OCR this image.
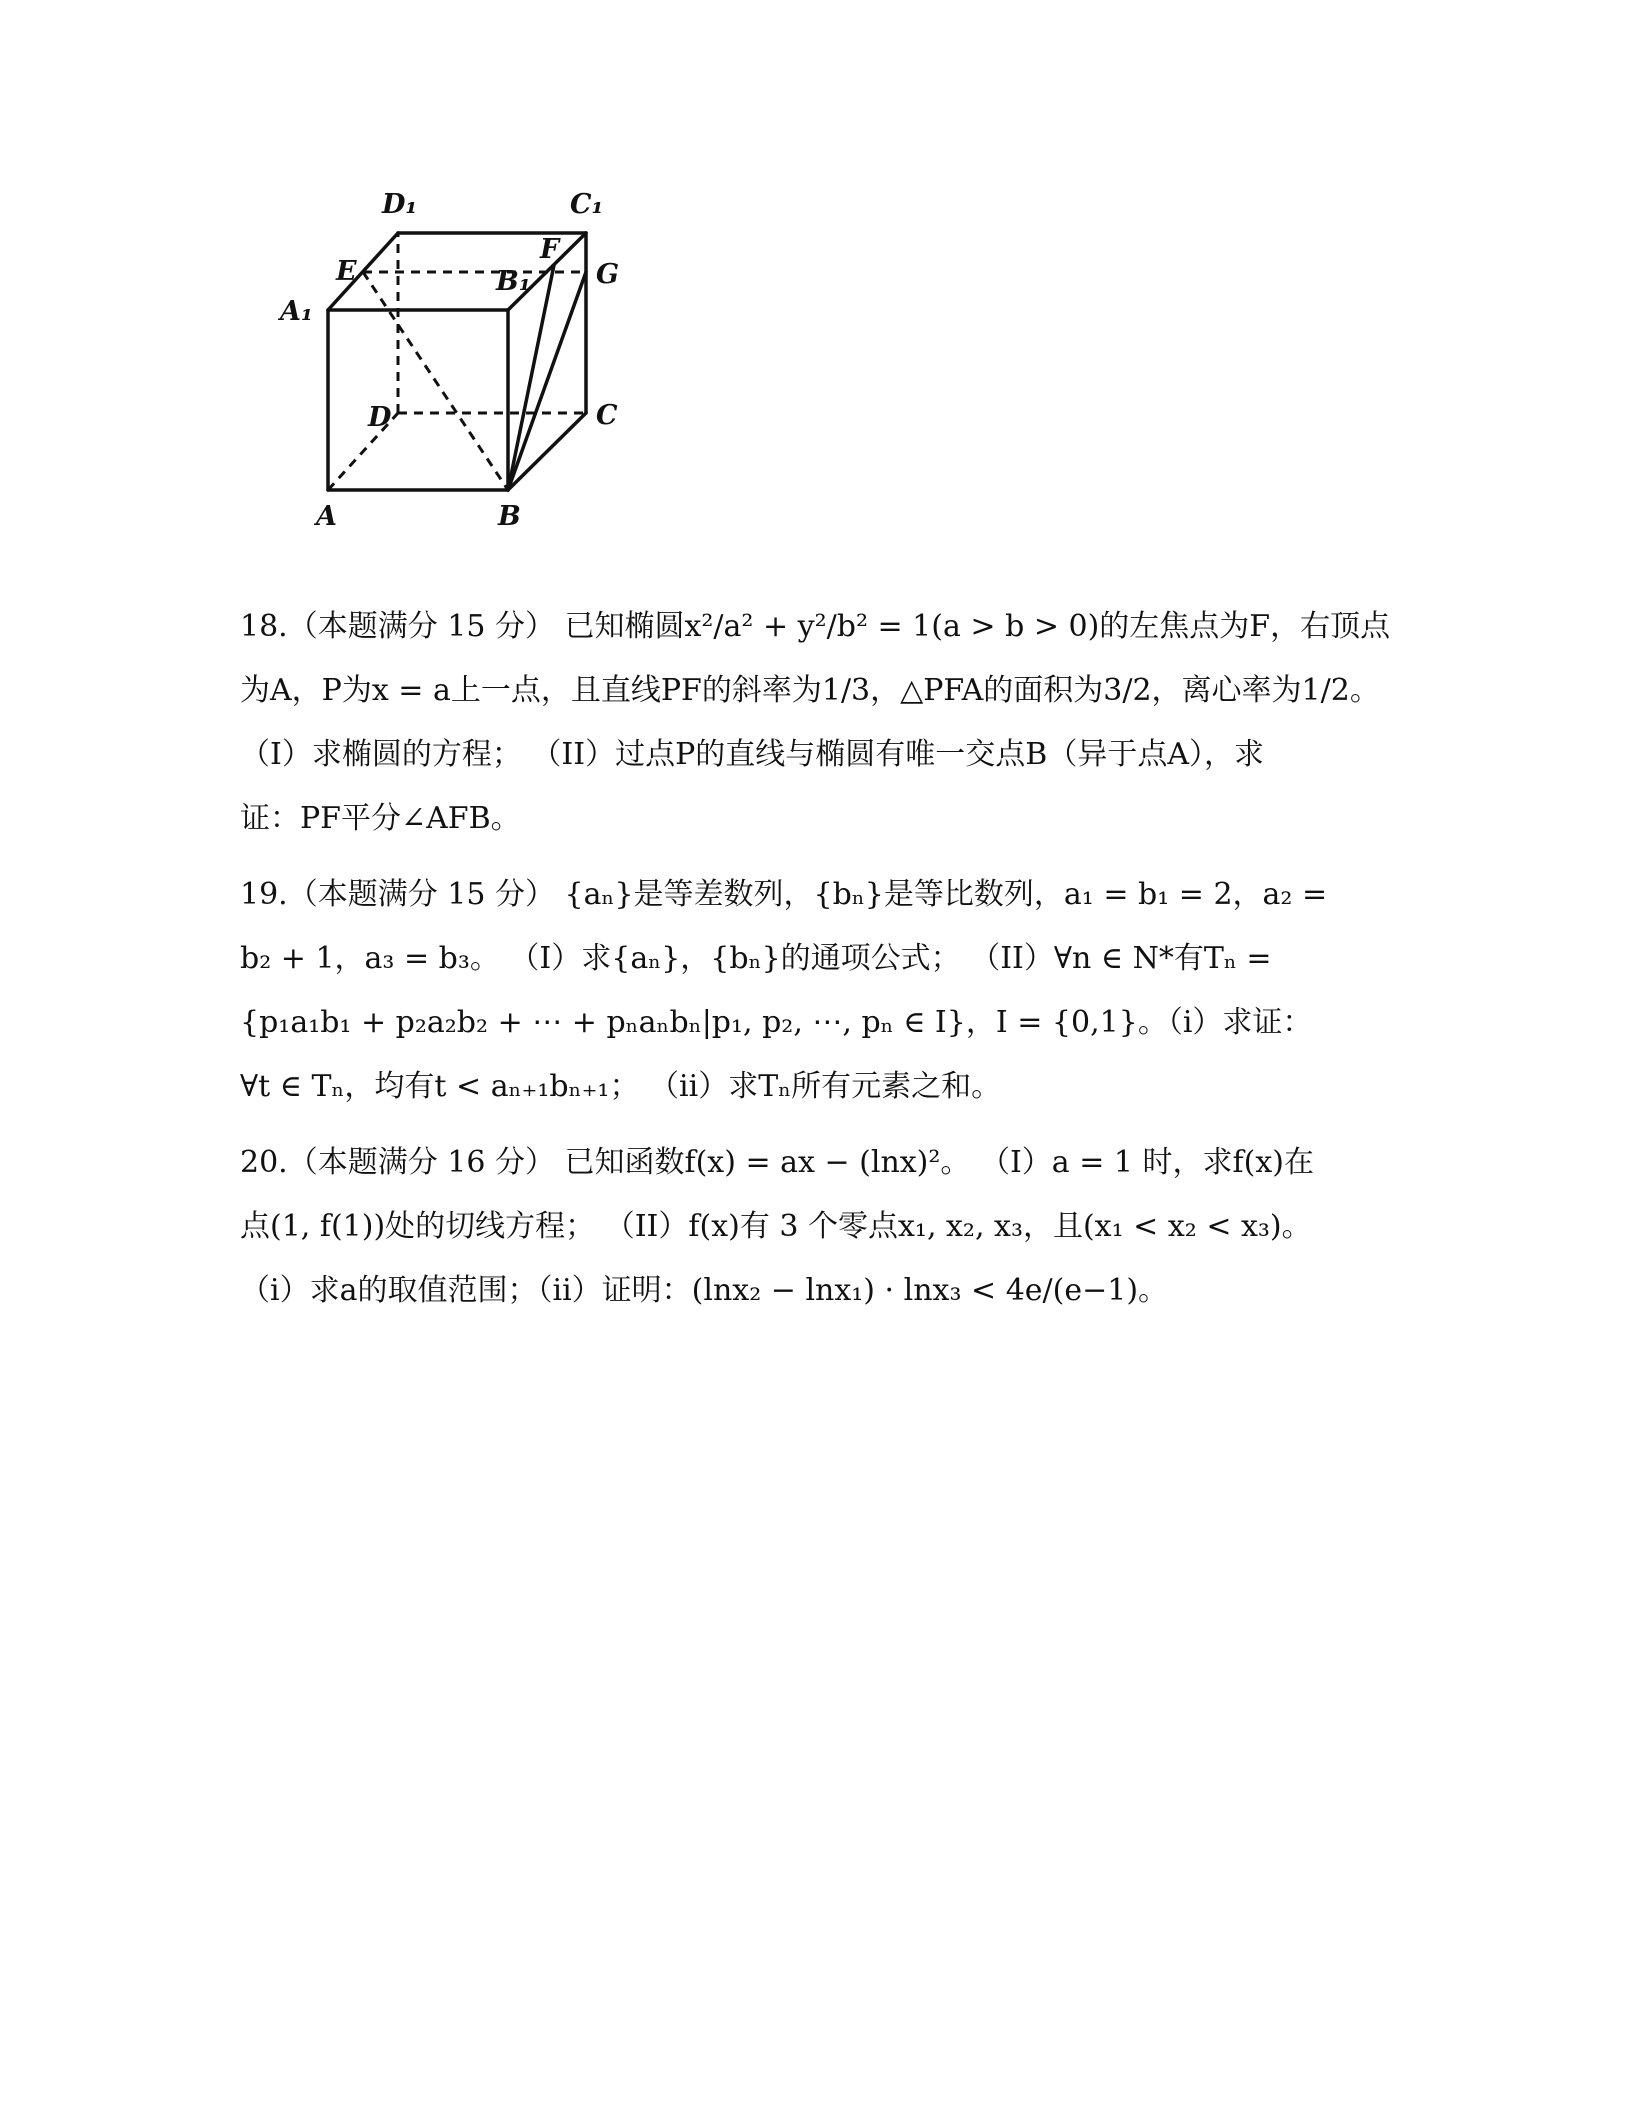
D₁	C₁
A₁
E
F
B₁ G
D	C
A	B
18.（本题满分 15 分） 已知椭圆x²/a² + y²/b² = 1(a > b > 0)的左焦点为F，右顶点
为A，P为x = a上一点，且直线PF的斜率为1/3，△PFA的面积为3/2，离心率为1/2。
（I）求椭圆的方程； （II）过点P的直线与椭圆有唯一交点B（异于点A），求
证：PF平分∠AFB。
19.（本题满分 15 分） {aₙ}是等差数列，{bₙ}是等比数列，a₁ = b₁ = 2，a₂ =
b₂ + 1，a₃ = b₃。 （I）求{aₙ}，{bₙ}的通项公式； （II）∀n ∈ N*有Tₙ =
{p₁a₁b₁ + p₂a₂b₂ + ⋯ + pₙaₙbₙ|p₁, p₂, ⋯, pₙ ∈ I}，I = {0,1}。（i）求证：
∀t ∈ Tₙ，均有t < aₙ₊₁bₙ₊₁； （ii）求Tₙ所有元素之和。
20.（本题满分 16 分） 已知函数f(x) = ax − (lnx)²。 （I）a = 1 时，求f(x)在
点(1, f(1))处的切线方程； （II）f(x)有 3 个零点x₁, x₂, x₃，且(x₁ < x₂ < x₃)。
（i）求a的取值范围；（ii）证明：(lnx₂ − lnx₁) · lnx₃ < 4e/(e−1)。
